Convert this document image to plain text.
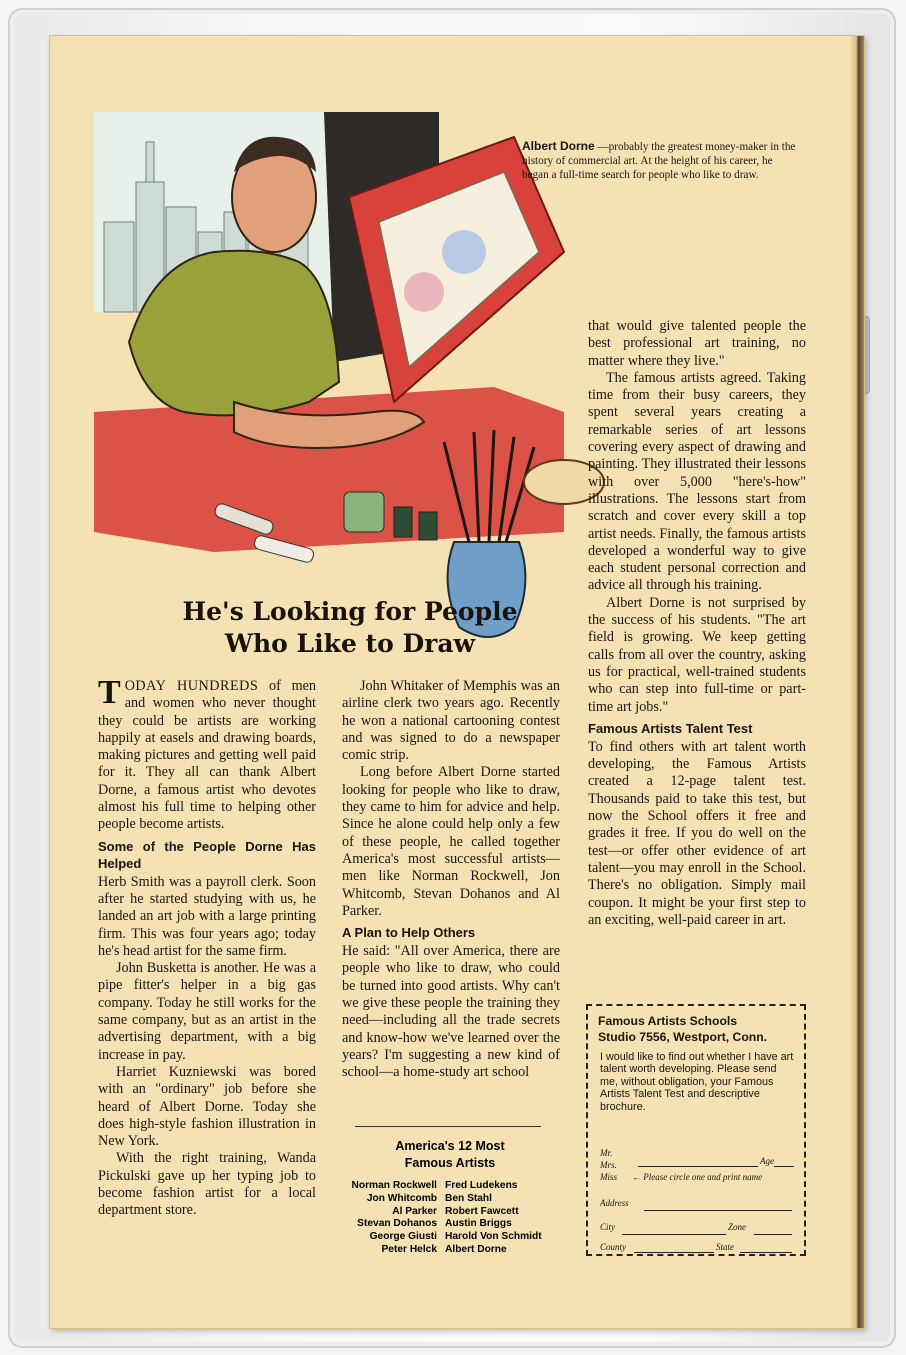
Albert Dorne —probably the greatest money-maker in the history of commercial art. At the height of his career, he began a full-time search for people who like to draw.
He's Looking for People
Who Like to Draw

TODAY HUNDREDS of men and women who never thought they could be artists are working happily at easels and drawing boards, making pictures and getting well paid for it. They all can thank Albert Dorne, a famous artist who devotes almost his full time to helping other people become artists.

Some of the People Dorne Has Helped

Herb Smith was a payroll clerk. Soon after he started studying with us, he landed an art job with a large printing firm. This was four years ago; today he's head artist for the same firm.

John Busketta is another. He was a pipe fitter's helper in a big gas company. Today he still works for the same company, but as an artist in the advertising department, with a big increase in pay.

Harriet Kuzniewski was bored with an "ordinary" job before she heard of Albert Dorne. Today she does high-style fashion illustration in New York.

With the right training, Wanda Pickulski gave up her typing job to become fashion artist for a local department store.

John Whitaker of Memphis was an airline clerk two years ago. Recently he won a national cartooning contest and was signed to do a newspaper comic strip.

Long before Albert Dorne started looking for people who like to draw, they came to him for advice and help. Since he alone could help only a few of these people, he called together America's most successful artists—men like Norman Rockwell, Jon Whitcomb, Stevan Dohanos and Al Parker.

A Plan to Help Others

He said: "All over America, there are people who like to draw, who could be turned into good artists. Why can't we give these people the training they need—including all the trade secrets and know-how we've learned over the years? I'm suggesting a new kind of school—a home-study art school

that would give talented people the best professional art training, no matter where they live."

The famous artists agreed. Taking time from their busy careers, they spent several years creating a remarkable series of art lessons covering every aspect of drawing and painting. They illustrated their lessons with over 5,000 "here's-how" illustrations. The lessons start from scratch and cover every skill a top artist needs. Finally, the famous artists developed a wonderful way to give each student personal correction and advice all through his training.

Albert Dorne is not surprised by the success of his students. "The art field is growing. We keep getting calls from all over the country, asking us for practical, well-trained students who can step into full-time or part-time art jobs."

Famous Artists Talent Test

To find others with art talent worth developing, the Famous Artists created a 12-page talent test. Thousands paid to take this test, but now the School offers it free and grades it free. If you do well on the test—or offer other evidence of art talent—you may enroll in the School. There's no obligation. Simply mail coupon. It might be your first step to an exciting, well-paid career in art.

America's 12 Most
Famous Artists
Norman Rockwell Fred Ludekens
Jon Whitcomb Ben Stahl
Al Parker Robert Fawcett
Stevan Dohanos Austin Briggs
George Giusti Harold Von Schmidt
Peter Helck Albert Dorne
Famous Artists Schools
Studio 7556, Westport, Conn.
I would like to find out whether I have art talent worth developing. Please send me, without obligation, your Famous Artists Talent Test and descriptive brochure.
Mr.
Mrs.
Miss
Age
← Please circle one and print name
Address
City	Zone
County	State
